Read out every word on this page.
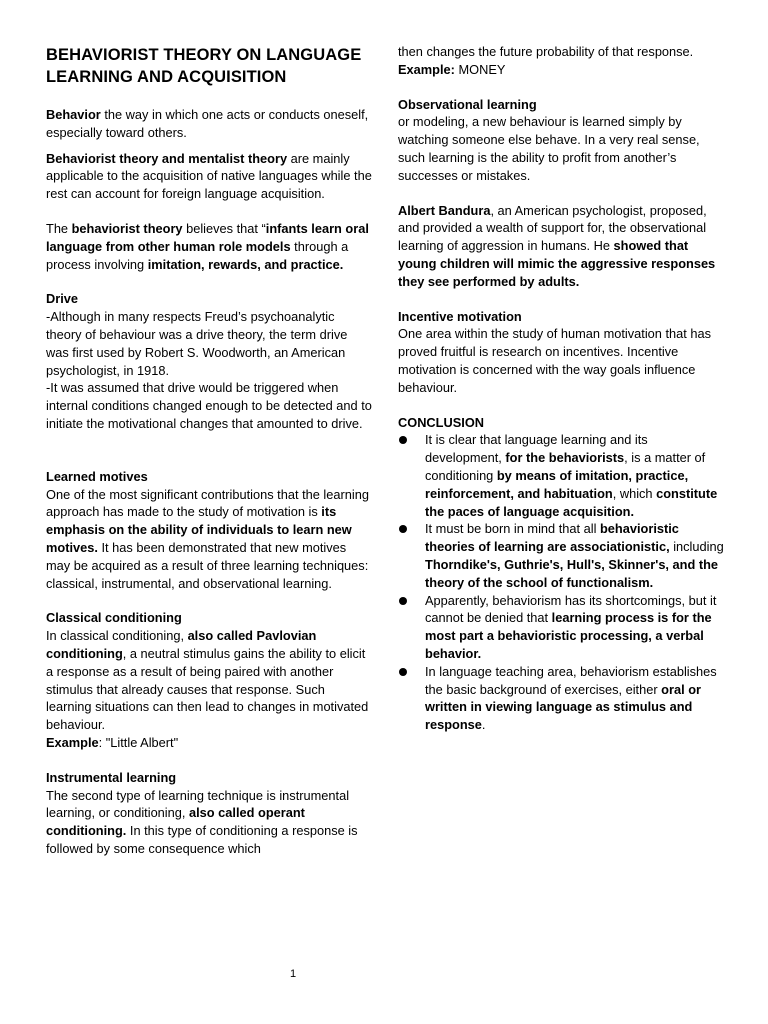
BEHAVIORIST THEORY ON LANGUAGE
LEARNING AND ACQUISITION

Behavior the way in which one acts or conducts oneself, especially toward others.

Behaviorist theory and mentalist theory are mainly applicable to the acquisition of native languages while the rest can account for foreign language acquisition.

The behaviorist theory believes that “infants learn oral language from other human role models through a process involving imitation, rewards, and practice.

Drive

-Although in many respects Freud’s psychoanalytic theory of behaviour was a drive theory, the term drive was first used by Robert S. Woodworth, an American psychologist, in 1918.

-It was assumed that drive would be triggered when internal conditions changed enough to be detected and to initiate the motivational changes that amounted to drive.

Learned motives

One of the most significant contributions that the learning approach has made to the study of motivation is its emphasis on the ability of individuals to learn new motives. It has been demonstrated that new motives may be acquired as a result of three learning techniques: classical, instrumental, and observational learning.

Classical conditioning

In classical conditioning, also called Pavlovian conditioning, a neutral stimulus gains the ability to elicit a response as a result of being paired with another stimulus that already causes that response. Such learning situations can then lead to changes in motivated behaviour.

Example: "Little Albert"

Instrumental learning

The second type of learning technique is instrumental learning, or conditioning, also called operant conditioning. In this type of conditioning a response is followed by some consequence which

then changes the future probability of that response.

Example: MONEY

Observational learning

or modeling, a new behaviour is learned simply by watching someone else behave. In a very real sense, such learning is the ability to profit from another’s successes or mistakes.

Albert Bandura, an American psychologist, proposed, and provided a wealth of support for, the observational learning of aggression in humans. He showed that young children will mimic the aggressive responses they see performed by adults.

Incentive motivation

One area within the study of human motivation that has proved fruitful is research on incentives. Incentive motivation is concerned with the way goals influence behaviour.

CONCLUSION

It is clear that language learning and its development, for the behaviorists, is a matter of conditioning by means of imitation, practice, reinforcement, and habituation, which constitute the paces of language acquisition.
It must be born in mind that all behavioristic theories of learning are associationistic, including Thorndike's, Guthrie's, Hull's, Skinner's, and the theory of the school of functionalism.
Apparently, behaviorism has its shortcomings, but it cannot be denied that learning process is for the most part a behavioristic processing, a verbal behavior.
In language teaching area, behaviorism establishes the basic background of exercises, either oral or written in viewing language as stimulus and response.
1
